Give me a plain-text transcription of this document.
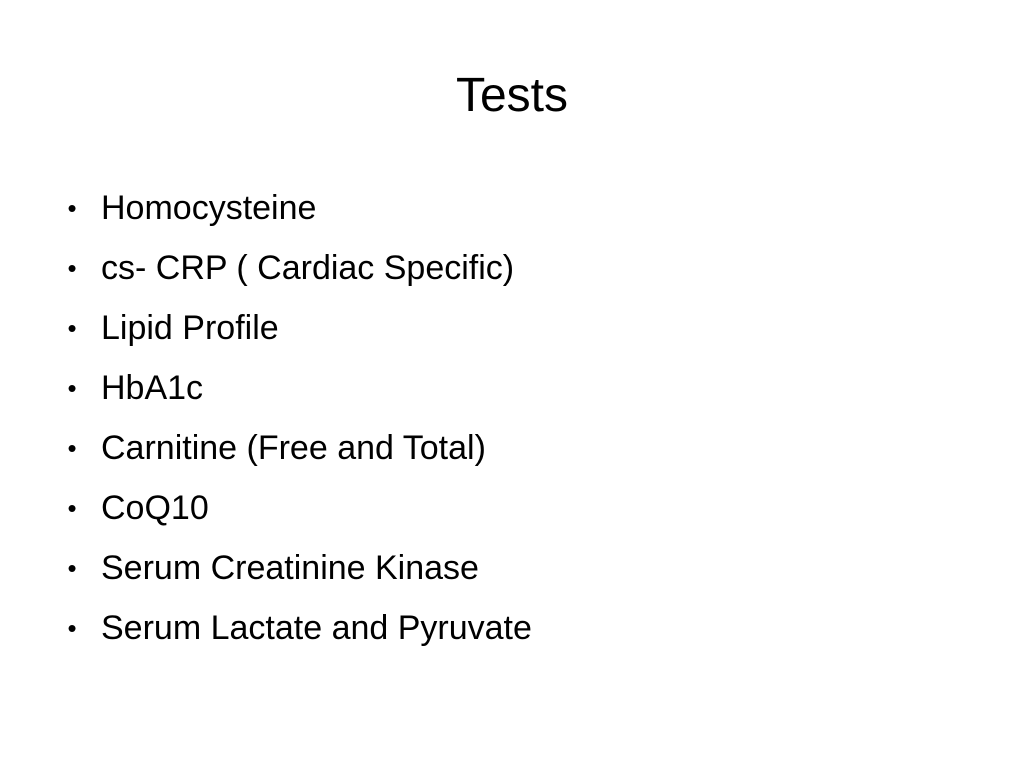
Tests
• Homocysteine
• cs- CRP ( Cardiac Specific)
• Lipid Profile
• HbA1c
• Carnitine (Free and Total)
• CoQ10
• Serum Creatinine Kinase
• Serum Lactate and Pyruvate
